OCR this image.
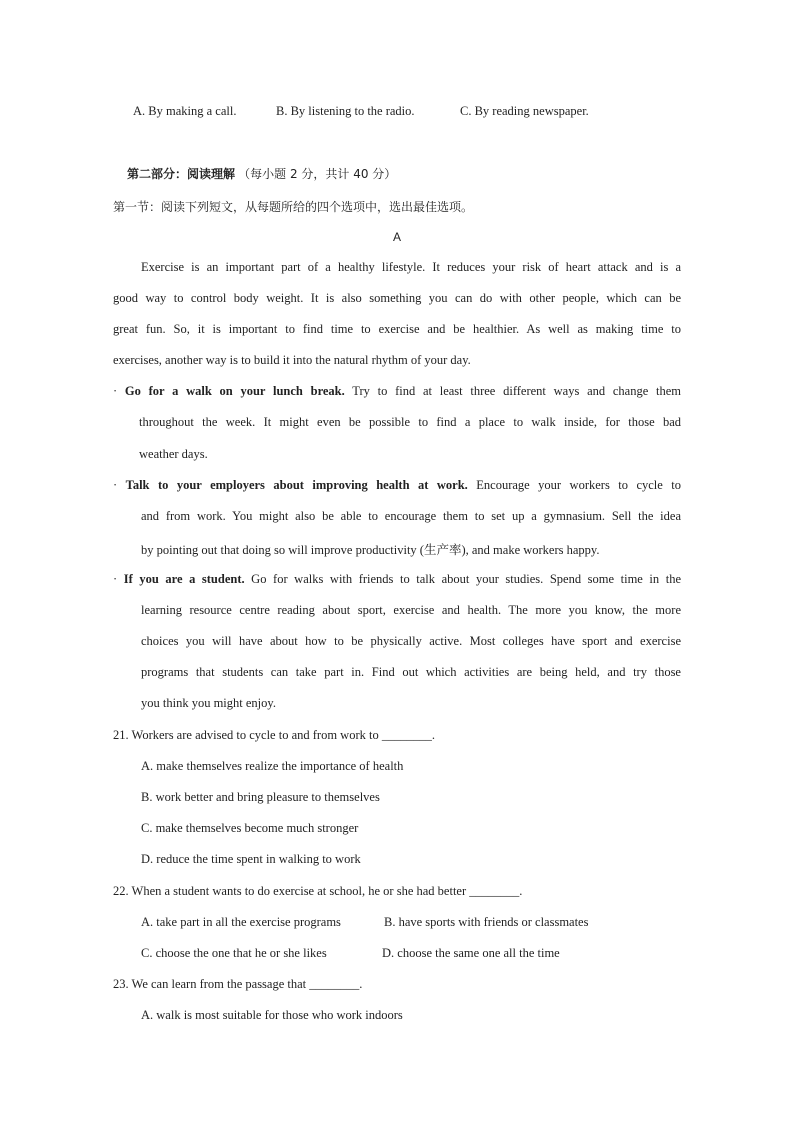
A. By making a call.	B. By listening to the radio.	C. By reading newspaper.
第二部分：阅读理解 （每小题 2 分，共计 40 分）
第一节：阅读下列短文，从每题所给的四个选项中，选出最佳选项。
A
Exercise is an important part of a healthy lifestyle. It reduces your risk of heart attack and is a
good way to control body weight. It is also something you can do with other people, which can be
great fun. So, it is important to find time to exercise and be healthier. As well as making time to
exercises, another way is to build it into the natural rhythm of your day.
· Go for a walk on your lunch break. Try to find at least three different ways and change them
throughout the week. It might even be possible to find a place to walk inside, for those bad
weather days.
· Talk to your employers about improving health at work. Encourage your workers to cycle to
and from work. You might also be able to encourage them to set up a gymnasium. Sell the idea
by pointing out that doing so will improve productivity (生产率), and make workers happy.
· If you are a student. Go for walks with friends to talk about your studies. Spend some time in the
learning resource centre reading about sport, exercise and health. The more you know, the more
choices you will have about how to be physically active. Most colleges have sport and exercise
programs that students can take part in. Find out which activities are being held, and try those
you think you might enjoy.
21. Workers are advised to cycle to and from work to ________.
A. make themselves realize the importance of health
B. work better and bring pleasure to themselves
C. make themselves become much stronger
D. reduce the time spent in walking to work
22. When a student wants to do exercise at school, he or she had better ________.
A. take part in all the exercise programs	B. have sports with friends or classmates
C. choose the one that he or she likes	D. choose the same one all the time
23. We can learn from the passage that ________.
A. walk is most suitable for those who work indoors
